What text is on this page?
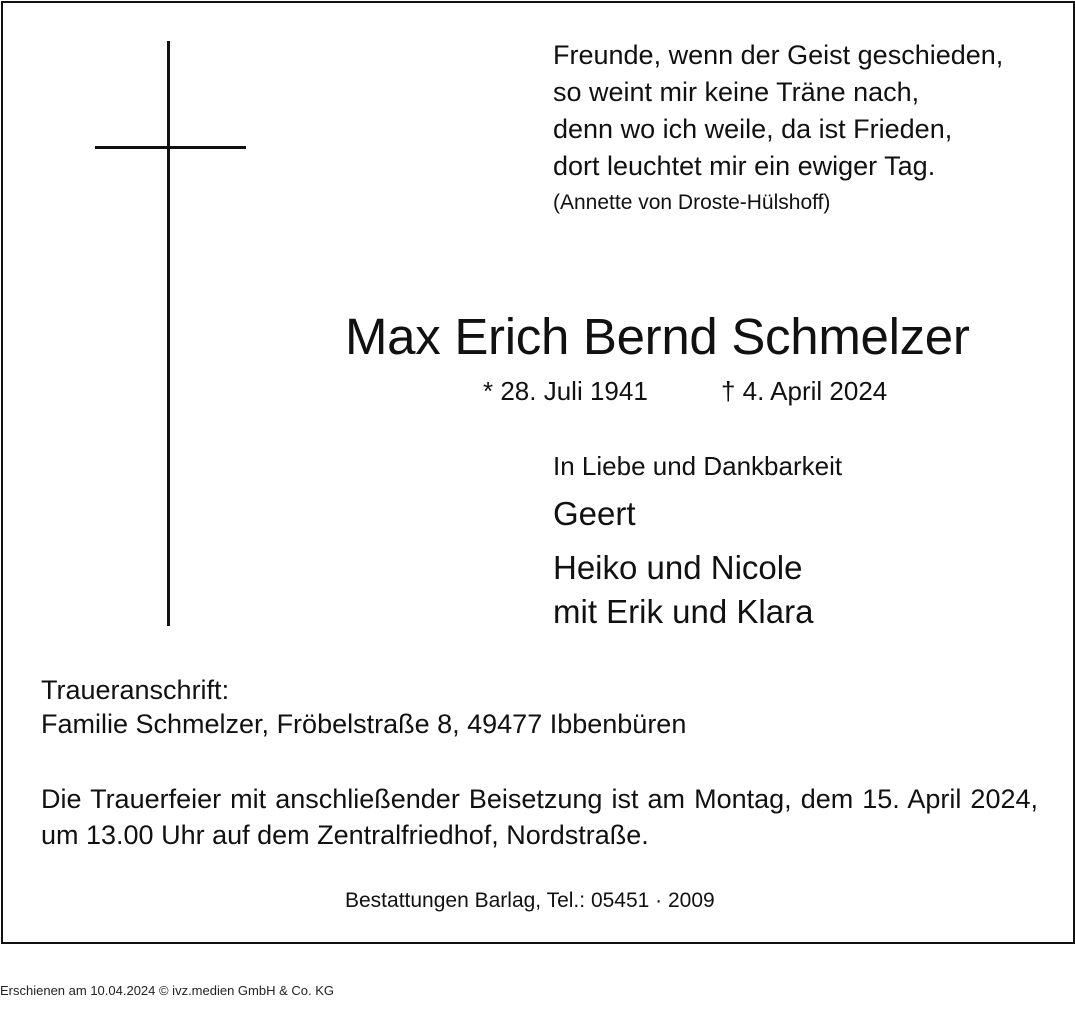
Freunde, wenn der Geist geschieden,
so weint mir keine Träne nach,
denn wo ich weile, da ist Frieden,
dort leuchtet mir ein ewiger Tag.
(Annette von Droste-Hülshoff)
Max Erich Bernd Schmelzer
* 28. Juli 1941	† 4. April 2024
In Liebe und Dankbarkeit
Geert
Heiko und Nicole
mit Erik und Klara
Traueranschrift:
Familie Schmelzer, Fröbelstraße 8, 49477 Ibbenbüren
Die Trauerfeier mit anschließender Beisetzung ist am Montag, dem 15. April 2024, um 13.00 Uhr auf dem Zentralfriedhof, Nordstraße.
Bestattungen Barlag, Tel.: 05451 · 2009
Erschienen am 10.04.2024 © ivz.medien GmbH & Co. KG
